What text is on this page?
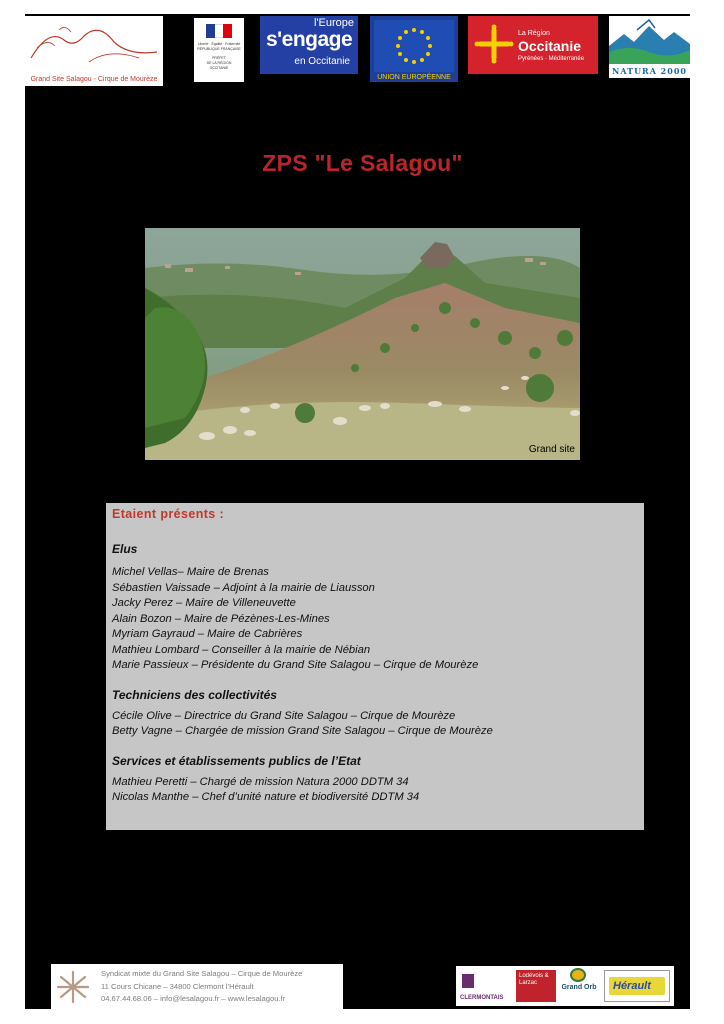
Grand Site Salagou - Cirque de Mourèze
Liberté · Égalité · Fraternité
RÉPUBLIQUE FRANÇAISE
PRÉFET
DE LA RÉGION
OCCITANIE
l'Europe
s'engage
en Occitanie
UNION EUROPÉENNE
La Région
Occitanie
Pyrénées · Méditerranée
NATURA 2000
ZPS "Le Salagou"
Grand site
Etaient présents :
Elus
Michel Vellas– Maire de Brenas
Sébastien Vaissade – Adjoint à la mairie de Liausson
Jacky Perez – Maire de Villeneuvette
Alain Bozon – Maire de Pézènes-Les-Mines
Myriam Gayraud – Maire de Cabrières
Mathieu Lombard – Conseiller à la mairie de Nébian
Marie Passieux – Présidente du Grand Site Salagou – Cirque de Mourèze
Techniciens des collectivités
Cécile Olive – Directrice du Grand Site Salagou – Cirque de Mourèze
Betty Vagne – Chargée de mission Grand Site Salagou – Cirque de Mourèze
Services et établissements publics de l’Etat
Mathieu Peretti – Chargé de mission Natura 2000 DDTM 34
Nicolas Manthe – Chef d’unité nature et biodiversité DDTM 34
Syndicat mixte du Grand Site Salagou – Cirque de Mourèze
11 Cours Chicane – 34800 Clermont l’Hérault
04.67.44.68.06 – info@lesalagou.fr – www.lesalagou.fr	CLERMONTAIS
Lodévois & Larzac
Grand Orb Hérault
